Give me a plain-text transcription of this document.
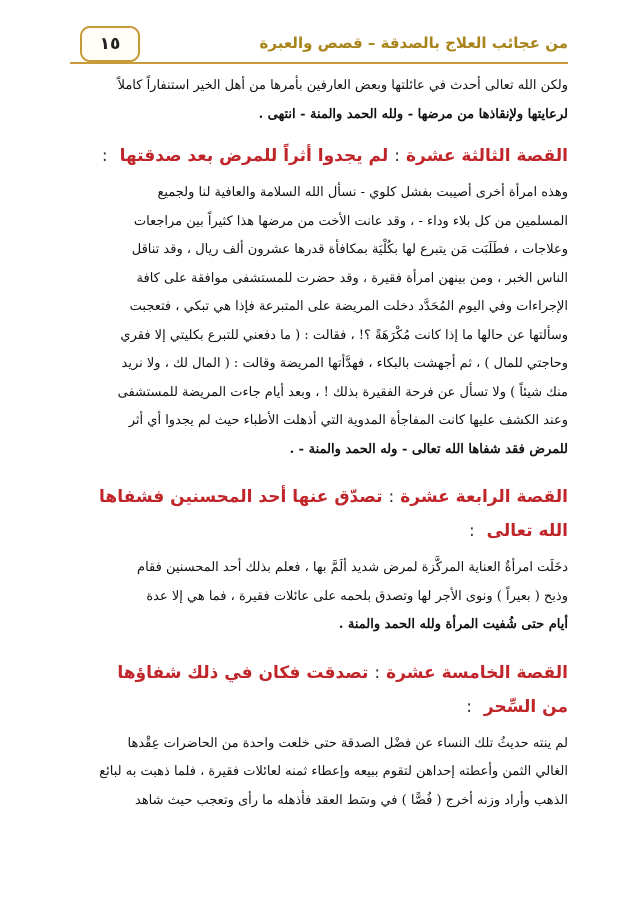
من عجائب العلاج بالصدقة – قصص والعبرة
١٥

ولكن الله تعالى أحدث في عائلتها وبعض العارفين بأمرها من أهل الخير استنفاراً كاملاً

لرعايتها ولإنقاذها من مرضها - ولله الحمد والمنة - انتهى .

القصة الثالثة عشرة:لم يجدوا أثراً للمرض بعد صدقتها :

وهذه امرأة أخرى أصيبت بفشل كلوي - نسأل الله السلامة والعافية لنا ولجميع

المسلمين من كل بلاء وداء - ، وقد عانت الأخت من مرضها هذا كثيراً بين مراجعات

وعلاجات ، فطَلَبَت مَن يتبرع لها بكُلْيَة بمكافأة قدرها عشرون ألف ريال ، وقد تناقل

الناس الخبر ، ومن بينهن امرأة فقيرة ، وقد حضرت للمستشفى موافقة على كافة

الإجراءات وفي اليوم المُحَدَّد دخلت المريضة على المتبرعة فإذا هي تبكي ، فتعجبت

وسألتها عن حالها ما إذا كانت مُكْرَهَةً ؟! ، فقالت : ( ما دفعني للتبرع بكليتي إلا فقري

وحاجتي للمال ) ، ثم أجهشت بالبكاء ، فهدَّأتها المريضة وقالت : ( المال لك ، ولا نريد

منك شيئاً ) ولا تسأل عن فرحة الفقيرة بذلك ! ، وبعد أيام جاءت المريضة للمستشفى

وعند الكشف عليها كانت المفاجأة المدوية التي أذهلت الأطباء حيث لم يجدوا أي أثر

للمرض فقد شفاها الله تعالى - وله الحمد والمنة - .

القصة الرابعة عشرة:تصدّق عنها أحد المحسنين فشفاها
الله تعالى :

دخَلَت امرأةٌ العناية المركَّزة لمرض شديد ألَمَّ بها ، فعلم بذلك أحد المحسنين فقام

وذبح ( بعيراً ) ونوى الأجر لها وتصدق بلحمه على عائلات فقيرة ، فما هي إلا عدة

أيام حتى شُفيت المرأة ولله الحمد والمنة .

القصة الخامسة عشرة:تصدقت فكان في ذلك شفاؤها
من السِّحر :

لم ينته حديثُ تلك النساء عن فضْل الصدقة حتى خلعت واحدة من الحاضرات عِقْدها

الغالي الثمن وأعطته إحداهن لتقوم ببيعه وإعطاء ثمنه لعائلات فقيرة ، فلما ذهبت به لبائع

الذهب وأراد وزنه أخرج ( فُصًّا ) في وسَط العقد فأذهله ما رأى وتعجب حيث شاهد
